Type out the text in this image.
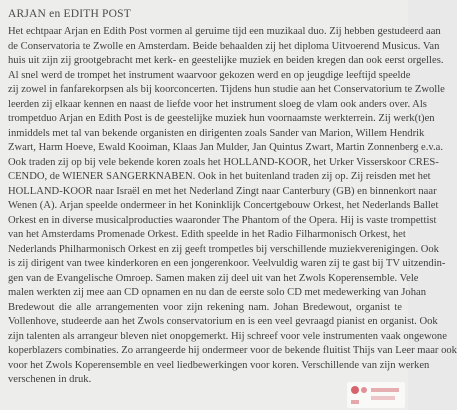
ARJAN en EDITH POST
Het echtpaar Arjan en Edith Post vormen al geruime tijd een muzikaal duo. Zij hebben gestudeerd aan
de Conservatoria te Zwolle en Amsterdam. Beide behaalden zij het diploma Uitvoerend Musicus. Van
huis uit zijn zij grootgebracht met kerk- en geestelijke muziek en beiden kregen dan ook eerst orgelles.
Al snel werd de trompet het instrument waarvoor gekozen werd en op jeugdige leeftijd speelde
zij zowel in fanfarekorpsen als bij koorconcerten. Tijdens hun studie aan het Conservatorium te Zwolle
leerden zij elkaar kennen en naast de liefde voor het instrument sloeg de vlam ook anders over. Als
trompetduo Arjan en Edith Post is de geestelijke muziek hun voornaamste werkterrein. Zij werk(t)en
inmiddels met tal van bekende organisten en dirigenten zoals Sander van Marion, Willem Hendrik
Zwart, Harm Hoeve, Ewald Kooiman, Klaas Jan Mulder, Jan Quintus Zwart, Martin Zonnenberg e.v.a.
Ook traden zij op bij vele bekende koren zoals het HOLLAND-KOOR, het Urker Visserskoor CRES-
CENDO, de WIENER SANGERKNABEN. Ook in het buitenland traden zij op. Zij reisden met het
HOLLAND-KOOR naar Israël en met het Nederland Zingt naar Canterbury (GB) en binnenkort naar
Wenen (A). Arjan speelde ondermeer in het Koninklijk Concertgebouw Orkest, het Nederlands Ballet
Orkest en in diverse musicalproducties waaronder The Phantom of the Opera. Hij is vaste trompettist
van het Amsterdams Promenade Orkest. Edith speelde in het Radio Filharmonisch Orkest, het
Nederlands Philharmonisch Orkest en zij geeft trompetles bij verschillende muziekverenigingen. Ook
is zij dirigent van twee kinderkoren en een jongerenkoor. Veelvuldig waren zij te gast bij TV uitzendin-
gen van de Evangelische Omroep. Samen maken zij deel uit van het Zwols Koperensemble. Vele
malen werkten zij mee aan CD opnamen en nu dan de eerste solo CD met medewerking van Johan
Bredewout die alle arrangementen voor zijn rekening nam. Johan Bredewout, organist te
Vollenhove, studeerde aan het Zwols conservatorium en is een veel gevraagd pianist en organist. Ook
zijn talenten als arrangeur bleven niet onopgemerkt. Hij schreef voor vele instrumenten vaak ongewone
koperblazers combinaties. Zo arrangeerde hij ondermeer voor de bekende fluitist Thijs van Leer maar ook
voor het Zwols Koperensemble en veel liedbewerkingen voor koren. Verschillende van zijn werken
verschenen in druk.
